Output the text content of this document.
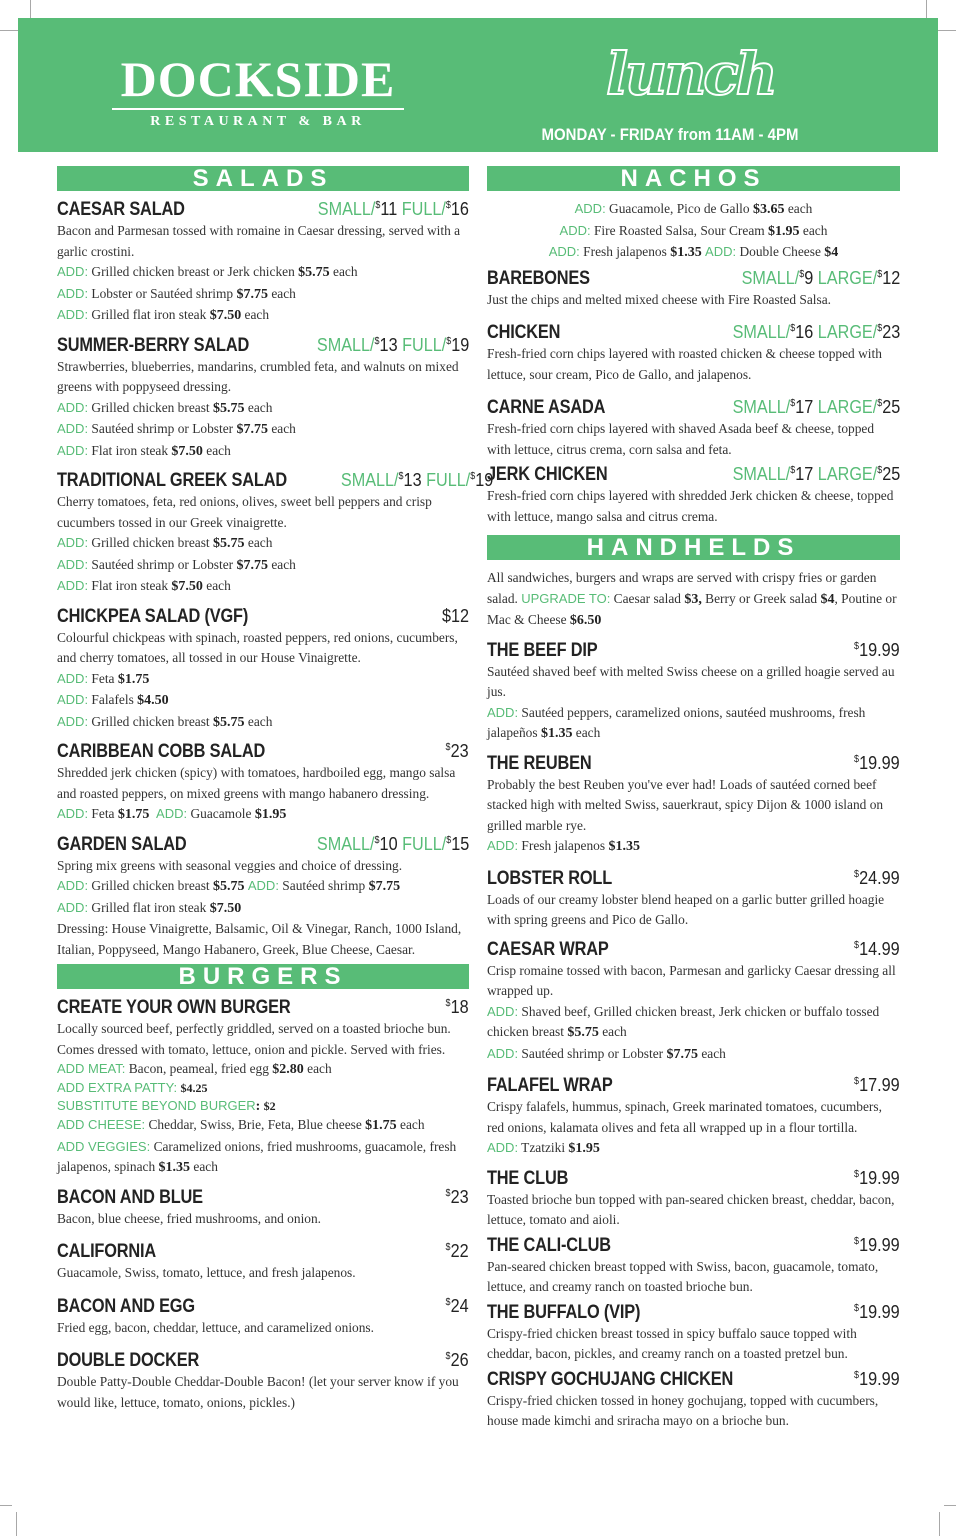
DOCKSIDE
RESTAURANT & BAR
lunch
MONDAY - FRIDAY from 11AM - 4PM
SALADS
CAESAR SALAD	SMALL/$11 FULL/$16
Bacon and Parmesan tossed with romaine in Caesar dressing, served with a garlic crostini.
ADD: Grilled chicken breast or Jerk chicken $5.75 each
ADD: Lobster or Sautéed shrimp $7.75 each
ADD: Grilled flat iron steak $7.50 each
SUMMER-BERRY SALAD	SMALL/$13 FULL/$19
Strawberries, blueberries, mandarins, crumbled feta, and walnuts on mixed greens with poppyseed dressing.
ADD: Grilled chicken breast $5.75 each
ADD: Sautéed shrimp or Lobster $7.75 each
ADD: Flat iron steak $7.50 each
TRADITIONAL GREEK SALAD	SMALL/$13 FULL/$19
Cherry tomatoes, feta, red onions, olives, sweet bell peppers and crisp cucumbers tossed in our Greek vinaigrette.
ADD: Grilled chicken breast $5.75 each
ADD: Sautéed shrimp or Lobster $7.75 each
ADD: Flat iron steak $7.50 each
CHICKPEA SALAD (VGF)	$12
Colourful chickpeas with spinach, roasted peppers, red onions, cucumbers, and cherry tomatoes, all tossed in our House Vinaigrette.
ADD: Feta $1.75
ADD: Falafels $4.50
ADD: Grilled chicken breast $5.75 each
CARIBBEAN COBB SALAD	$23
Shredded jerk chicken (spicy) with tomatoes, hardboiled egg, mango salsa and roasted peppers, on mixed greens with mango habanero dressing.
ADD: Feta $1.75 ADD: Guacamole $1.95
GARDEN SALAD	SMALL/$10 FULL/$15
Spring mix greens with seasonal veggies and choice of dressing.
ADD: Grilled chicken breast $5.75 ADD: Sautéed shrimp $7.75
ADD: Grilled flat iron steak $7.50
Dressing: House Vinaigrette, Balsamic, Oil & Vinegar, Ranch, 1000 Island, Italian, Poppyseed, Mango Habanero, Greek, Blue Cheese, Caesar.
BURGERS
CREATE YOUR OWN BURGER	$18
Locally sourced beef, perfectly griddled, served on a toasted brioche bun. Comes dressed with tomato, lettuce, onion and pickle. Served with fries.
ADD MEAT: Bacon, peameal, fried egg $2.80 each
ADD EXTRA PATTY: $4.25
SUBSTITUTE BEYOND BURGER: $2
ADD CHEESE: Cheddar, Swiss, Brie, Feta, Blue cheese $1.75 each
ADD VEGGIES: Caramelized onions, fried mushrooms, guacamole, fresh jalapenos, spinach $1.35 each
BACON AND BLUE	$23
Bacon, blue cheese, fried mushrooms, and onion.
CALIFORNIA	$22
Guacamole, Swiss, tomato, lettuce, and fresh jalapenos.
BACON AND EGG	$24
Fried egg, bacon, cheddar, lettuce, and caramelized onions.
DOUBLE DOCKER	$26
Double Patty-Double Cheddar-Double Bacon! (let your server know if you would like, lettuce, tomato, onions, pickles.)
NACHOS
ADD: Guacamole, Pico de Gallo $3.65 each
ADD: Fire Roasted Salsa, Sour Cream $1.95 each
ADD: Fresh jalapenos $1.35 ADD: Double Cheese $4
BAREBONES	SMALL/$9 LARGE/$12
Just the chips and melted mixed cheese with Fire Roasted Salsa.
CHICKEN	SMALL/$16 LARGE/$23
Fresh-fried corn chips layered with roasted chicken & cheese topped with lettuce, sour cream, Pico de Gallo, and jalapenos.
CARNE ASADA	SMALL/$17 LARGE/$25
Fresh-fried corn chips layered with shaved Asada beef & cheese, topped with lettuce, citrus crema, corn salsa and feta.
JERK CHICKEN	SMALL/$17 LARGE/$25
Fresh-fried corn chips layered with shredded Jerk chicken & cheese, topped with lettuce, mango salsa and citrus crema.
HANDHELDS
All sandwiches, burgers and wraps are served with crispy fries or garden salad. UPGRADE TO: Caesar salad $3, Berry or Greek salad $4, Poutine or Mac & Cheese $6.50
THE BEEF DIP	$19.99
Sautéed shaved beef with melted Swiss cheese on a grilled hoagie served au jus.
ADD: Sautéed peppers, caramelized onions, sautéed mushrooms, fresh jalapeños $1.35 each
THE REUBEN	$19.99
Probably the best Reuben you've ever had! Loads of sautéed corned beef stacked high with melted Swiss, sauerkraut, spicy Dijon & 1000 island on grilled marble rye.
ADD: Fresh jalapenos $1.35
LOBSTER ROLL	$24.99
Loads of our creamy lobster blend heaped on a garlic butter grilled hoagie with spring greens and Pico de Gallo.
CAESAR WRAP	$14.99
Crisp romaine tossed with bacon, Parmesan and garlicky Caesar dressing all wrapped up.
ADD: Shaved beef, Grilled chicken breast, Jerk chicken or buffalo tossed chicken breast $5.75 each
ADD: Sautéed shrimp or Lobster $7.75 each
FALAFEL WRAP	$17.99
Crispy falafels, hummus, spinach, Greek marinated tomatoes, cucumbers, red onions, kalamata olives and feta all wrapped up in a flour tortilla.
ADD: Tzatziki $1.95
THE CLUB	$19.99
Toasted brioche bun topped with pan-seared chicken breast, cheddar, bacon, lettuce, tomato and aioli.
THE CALI-CLUB	$19.99
Pan-seared chicken breast topped with Swiss, bacon, guacamole, tomato, lettuce, and creamy ranch on toasted brioche bun.
THE BUFFALO (VIP)	$19.99
Crispy-fried chicken breast tossed in spicy buffalo sauce topped with cheddar, bacon, pickles, and creamy ranch on a toasted pretzel bun.
CRISPY GOCHUJANG CHICKEN	$19.99
Crispy-fried chicken tossed in honey gochujang, topped with cucumbers, house made kimchi and sriracha mayo on a brioche bun.
